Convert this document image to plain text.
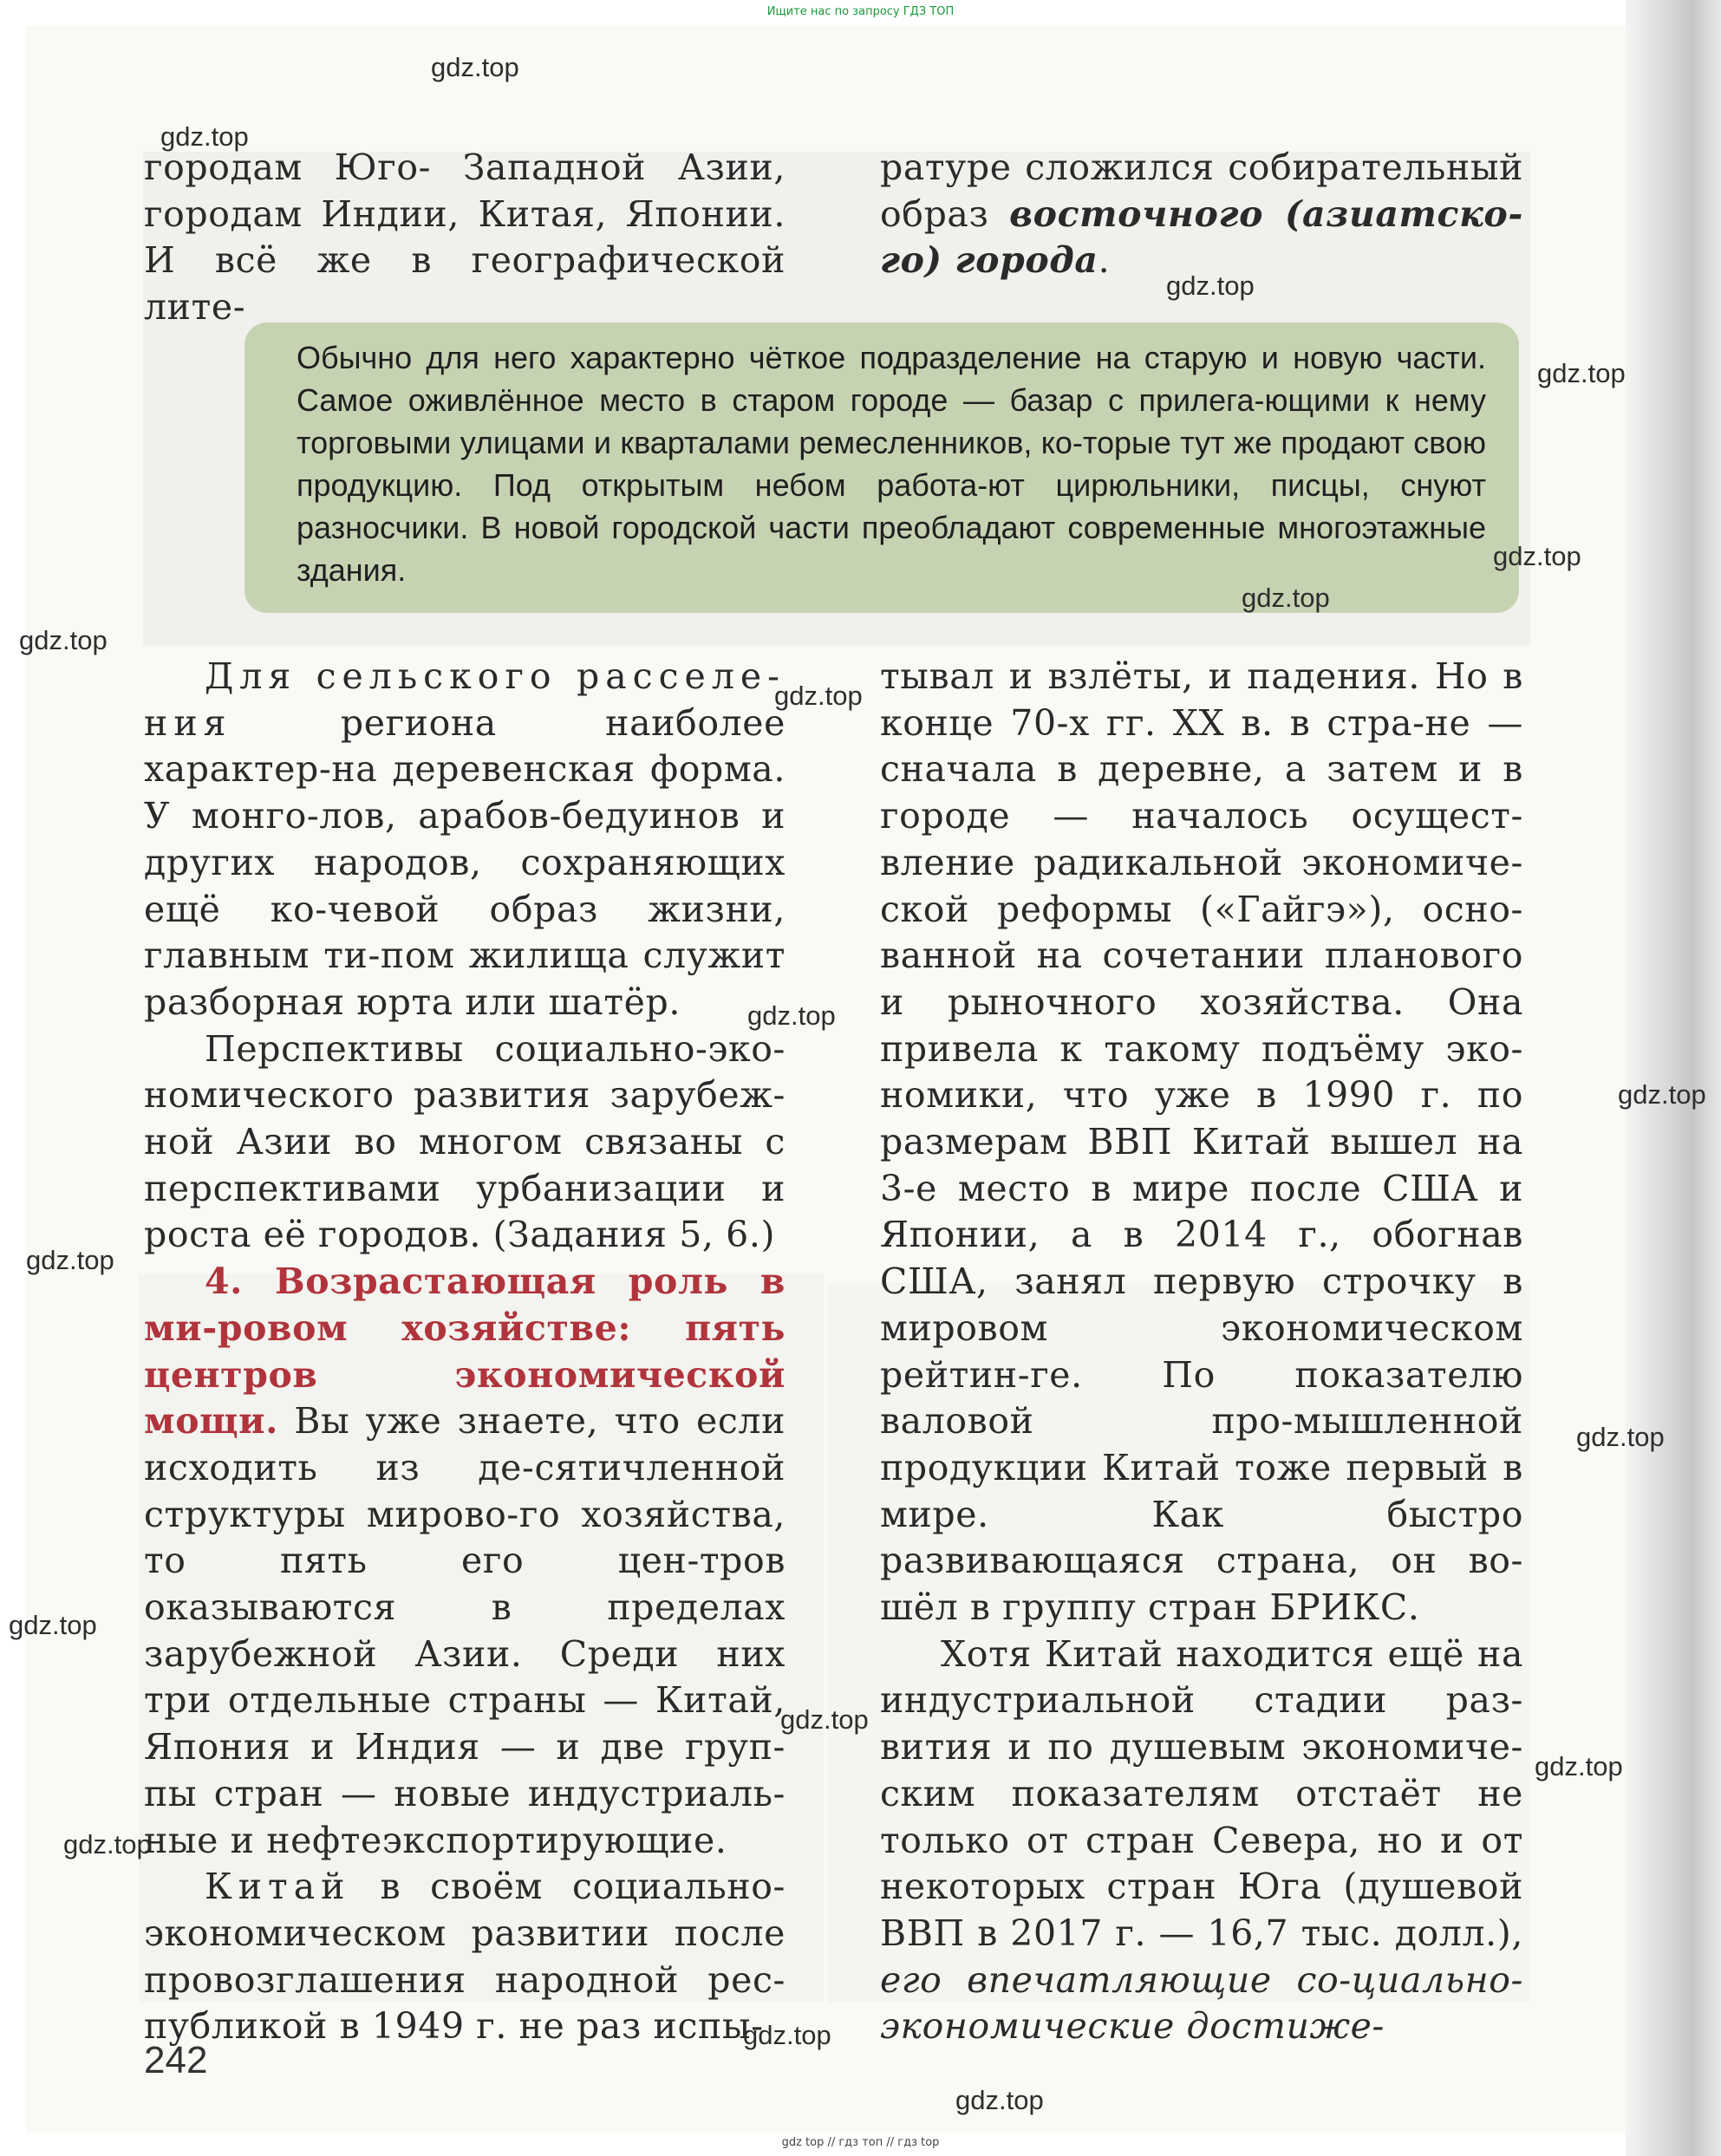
Ищите нас по запросу ГДЗ ТОП

городам Юго- Западной Азии,

городам Индии, Китая, Японии.

И всё же в географической лите-

ратуре сложился собирательный образ восточного (азиатско-го) города.

Обычно для него характерно чёткое подразделение на старую и новую части. Самое оживлённое место в старом городе — базар с прилега-ющими к нему торговыми улицами и кварталами ремесленников, ко-торые тут же продают свою продукцию. Под открытым небом работа-ют цирюльники, писцы, снуют разносчики. В новой городской части преобладают современные многоэтажные здания.

Для сельского расселе-ния региона наиболее характер-на деревенская форма. У монго-лов, арабов-бедуинов и других народов, сохраняющих ещё ко-чевой образ жизни, главным ти-пом жилища служит разборная юрта или шатёр.

Перспективы социально-эко-номического развития зарубеж-ной Азии во многом связаны с перспективами урбанизации и роста её городов. (Задания 5, 6.)

4. Возрастающая роль в ми-ровом хозяйстве: пять центров экономической мощи. Вы уже знаете, что если исходить из де-сятичленной структуры мирово-го хозяйства, то пять его цен-тров оказываются в пределах зарубежной Азии. Среди них три отдельные страны — Китай, Япония и Индия — и две груп-пы стран — новые индустриаль-ные и нефтеэкспортирующие.

Китай в своём социально-экономическом развитии после провозглашения народной рес-публикой в 1949 г. не раз испы-

тывал и взлёты, и падения. Но в конце 70-х гг. XX в. в стра-не — сначала в деревне, а затем и в городе — началось осущест-вление радикальной экономиче-ской реформы («Гайгэ»), осно-ванной на сочетании планового и рыночного хозяйства. Она привела к такому подъёму эко-номики, что уже в 1990 г. по размерам ВВП Китай вышел на 3-е место в мире после США и Японии, а в 2014 г., обогнав США, занял первую строчку в мировом экономическом рейтин-ге. По показателю валовой про-мышленной продукции Китай тоже первый в мире. Как быстро развивающаяся страна, он во-шёл в группу стран БРИКС.

Хотя Китай находится ещё на индустриальной стадии раз-вития и по душевым экономиче-ским показателям отстаёт не только от стран Севера, но и от некоторых стран Юга (душевой ВВП в 2017 г. — 16,7 тыс. долл.), его впечатляющие со-циально-экономические достиже-

242
gdz.top
gdz.top
gdz.top
gdz.top
gdz.top
gdz.top
gdz.top
gdz.top
gdz.top
gdz.top
gdz.top
gdz.top
gdz.top
gdz.top
gdz.top
gdz.top
gdz.top
gdz.top
gdz top // гдз топ // гдз top
